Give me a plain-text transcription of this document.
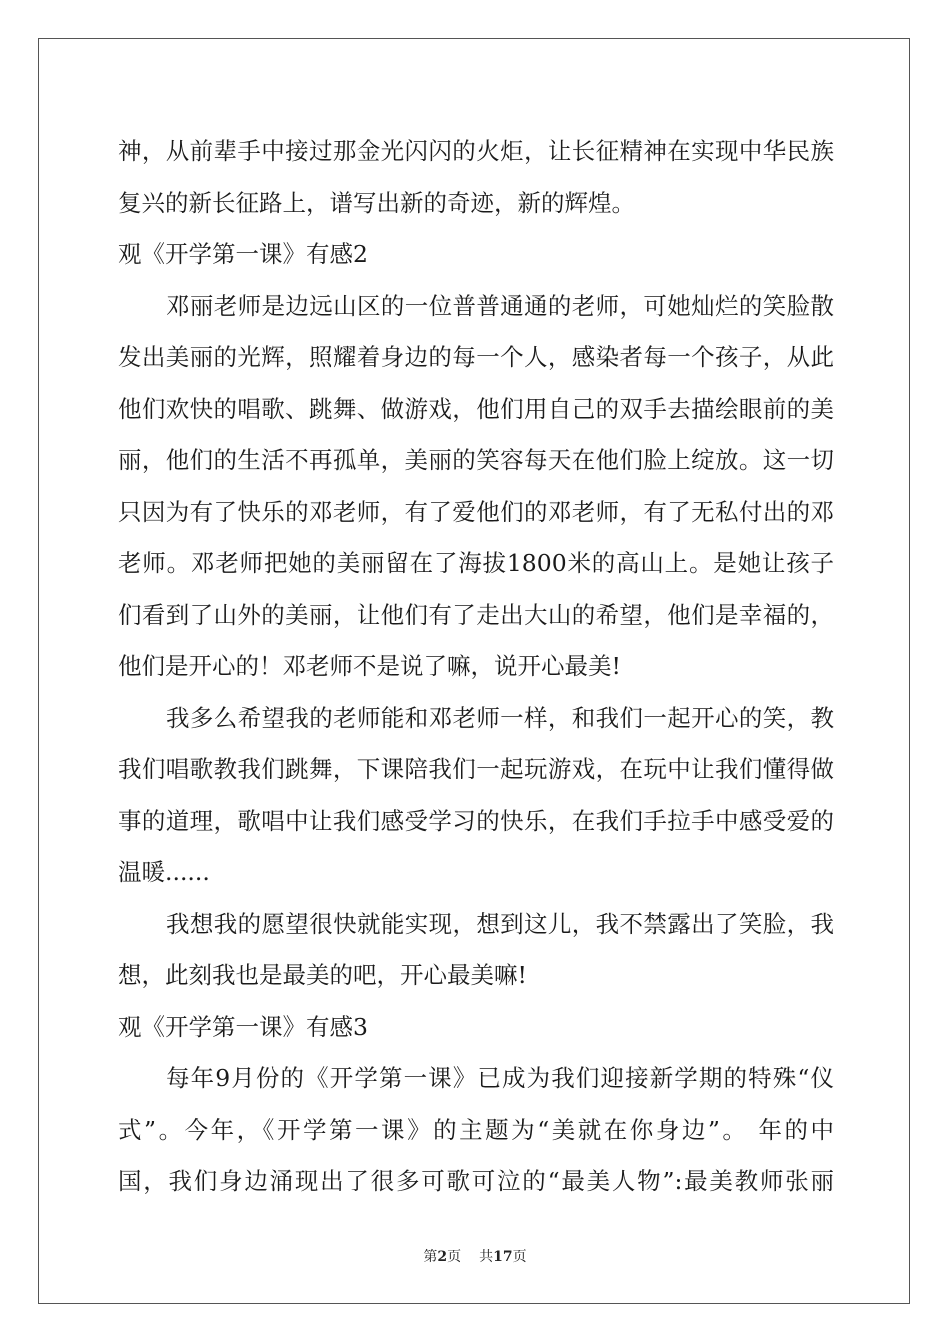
神，从前辈手中接过那金光闪闪的火炬，让长征精神在实现中华民族
复兴的新长征路上，谱写出新的奇迹，新的辉煌。
观《开学第一课》有感2
邓丽老师是边远山区的一位普普通通的老师，可她灿烂的笑脸散
发出美丽的光辉，照耀着身边的每一个人，感染者每一个孩子，从此
他们欢快的唱歌、跳舞、做游戏，他们用自己的双手去描绘眼前的美
丽，他们的生活不再孤单，美丽的笑容每天在他们脸上绽放。这一切
只因为有了快乐的邓老师，有了爱他们的邓老师，有了无私付出的邓
老师。邓老师把她的美丽留在了海拔1800米的高山上。是她让孩子
们看到了山外的美丽，让他们有了走出大山的希望，他们是幸福的，
他们是开心的！邓老师不是说了嘛，说开心最美!
我多么希望我的老师能和邓老师一样，和我们一起开心的笑，教
我们唱歌教我们跳舞，下课陪我们一起玩游戏，在玩中让我们懂得做
事的道理，歌唱中让我们感受学习的快乐，在我们手拉手中感受爱的
温暖......
我想我的愿望很快就能实现，想到这儿，我不禁露出了笑脸，我
想，此刻我也是最美的吧，开心最美嘛!
观《开学第一课》有感3
每年9月份的《开学第一课》已成为我们迎接新学期的特殊“仪
式”。今年，《开学第一课》的主题为“美就在你身边”。 年的中
国，我们身边涌现出了很多可歌可泣的“最美人物”:最美教师张丽
第2页 共17页
